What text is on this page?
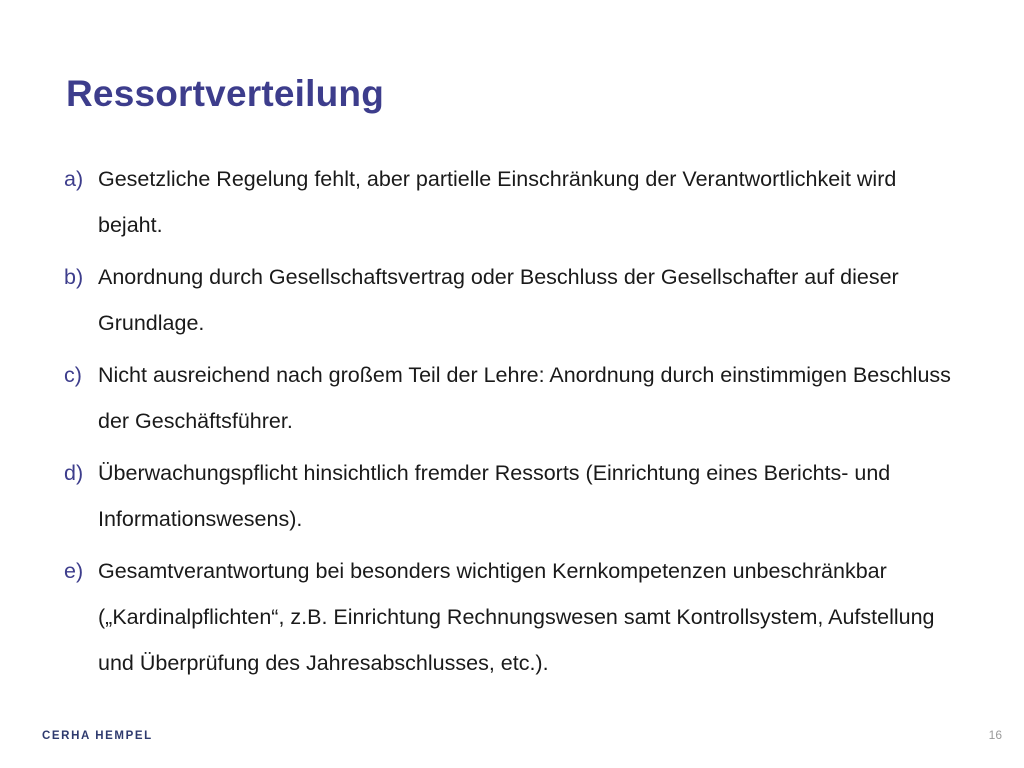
Ressortverteilung
a) Gesetzliche Regelung fehlt, aber partielle Einschränkung der Verantwortlichkeit wird bejaht.
b) Anordnung durch Gesellschaftsvertrag oder Beschluss der Gesellschafter auf dieser Grundlage.
c) Nicht ausreichend nach großem Teil der Lehre: Anordnung durch einstimmigen Beschluss der Geschäftsführer.
d) Überwachungspflicht hinsichtlich fremder Ressorts (Einrichtung eines Berichts- und Informationswesens).
e) Gesamtverantwortung bei besonders wichtigen Kernkompetenzen unbeschränkbar („Kardinalpflichten“, z.B. Einrichtung Rechnungswesen samt Kontrollsystem, Aufstellung und Überprüfung des Jahresabschlusses, etc.).
CERHA HEMPEL	16
